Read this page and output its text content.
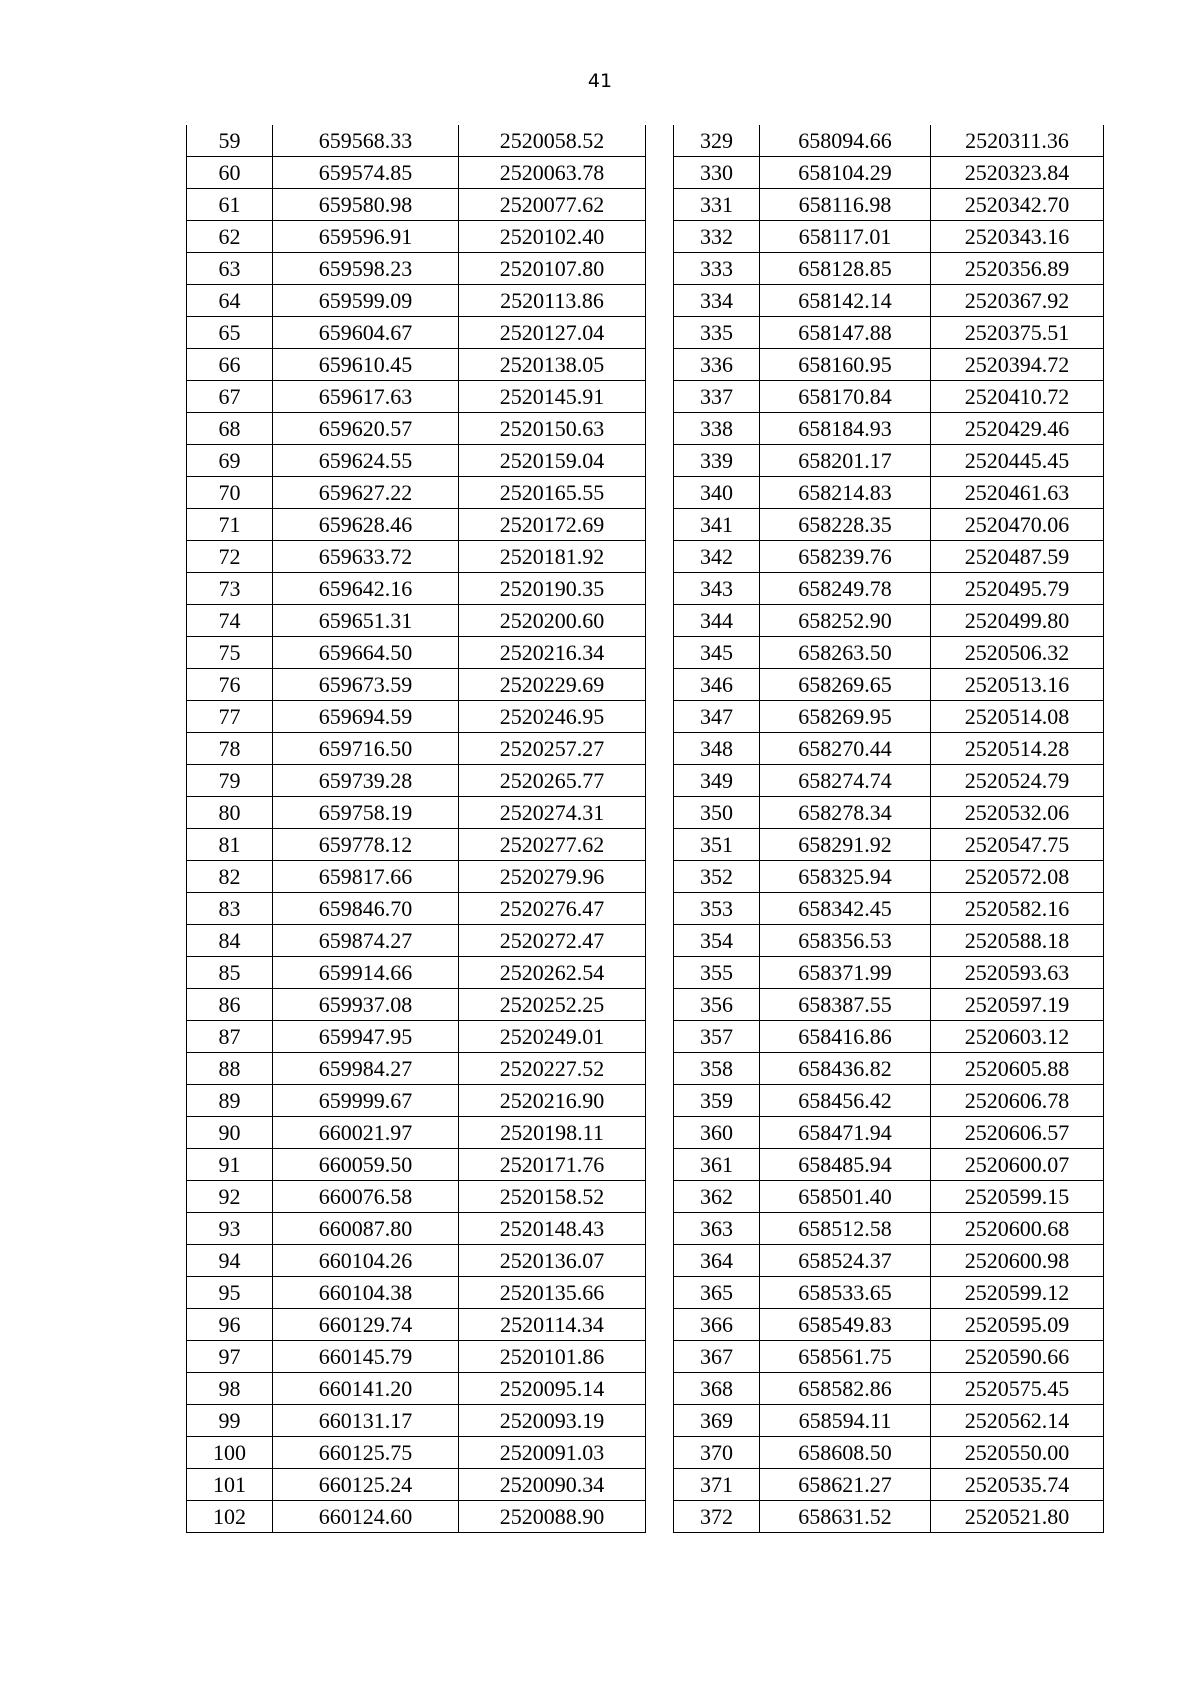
41
59	659568.33	2520058.52
60	659574.85	2520063.78
61	659580.98	2520077.62
62	659596.91	2520102.40
63	659598.23	2520107.80
64	659599.09	2520113.86
65	659604.67	2520127.04
66	659610.45	2520138.05
67	659617.63	2520145.91
68	659620.57	2520150.63
69	659624.55	2520159.04
70	659627.22	2520165.55
71	659628.46	2520172.69
72	659633.72	2520181.92
73	659642.16	2520190.35
74	659651.31	2520200.60
75	659664.50	2520216.34
76	659673.59	2520229.69
77	659694.59	2520246.95
78	659716.50	2520257.27
79	659739.28	2520265.77
80	659758.19	2520274.31
81	659778.12	2520277.62
82	659817.66	2520279.96
83	659846.70	2520276.47
84	659874.27	2520272.47
85	659914.66	2520262.54
86	659937.08	2520252.25
87	659947.95	2520249.01
88	659984.27	2520227.52
89	659999.67	2520216.90
90	660021.97	2520198.11
91	660059.50	2520171.76
92	660076.58	2520158.52
93	660087.80	2520148.43
94	660104.26	2520136.07
95	660104.38	2520135.66
96	660129.74	2520114.34
97	660145.79	2520101.86
98	660141.20	2520095.14
99	660131.17	2520093.19
100	660125.75	2520091.03
101	660125.24	2520090.34
102	660124.60	2520088.90
329	658094.66	2520311.36
330	658104.29	2520323.84
331	658116.98	2520342.70
332	658117.01	2520343.16
333	658128.85	2520356.89
334	658142.14	2520367.92
335	658147.88	2520375.51
336	658160.95	2520394.72
337	658170.84	2520410.72
338	658184.93	2520429.46
339	658201.17	2520445.45
340	658214.83	2520461.63
341	658228.35	2520470.06
342	658239.76	2520487.59
343	658249.78	2520495.79
344	658252.90	2520499.80
345	658263.50	2520506.32
346	658269.65	2520513.16
347	658269.95	2520514.08
348	658270.44	2520514.28
349	658274.74	2520524.79
350	658278.34	2520532.06
351	658291.92	2520547.75
352	658325.94	2520572.08
353	658342.45	2520582.16
354	658356.53	2520588.18
355	658371.99	2520593.63
356	658387.55	2520597.19
357	658416.86	2520603.12
358	658436.82	2520605.88
359	658456.42	2520606.78
360	658471.94	2520606.57
361	658485.94	2520600.07
362	658501.40	2520599.15
363	658512.58	2520600.68
364	658524.37	2520600.98
365	658533.65	2520599.12
366	658549.83	2520595.09
367	658561.75	2520590.66
368	658582.86	2520575.45
369	658594.11	2520562.14
370	658608.50	2520550.00
371	658621.27	2520535.74
372	658631.52	2520521.80
